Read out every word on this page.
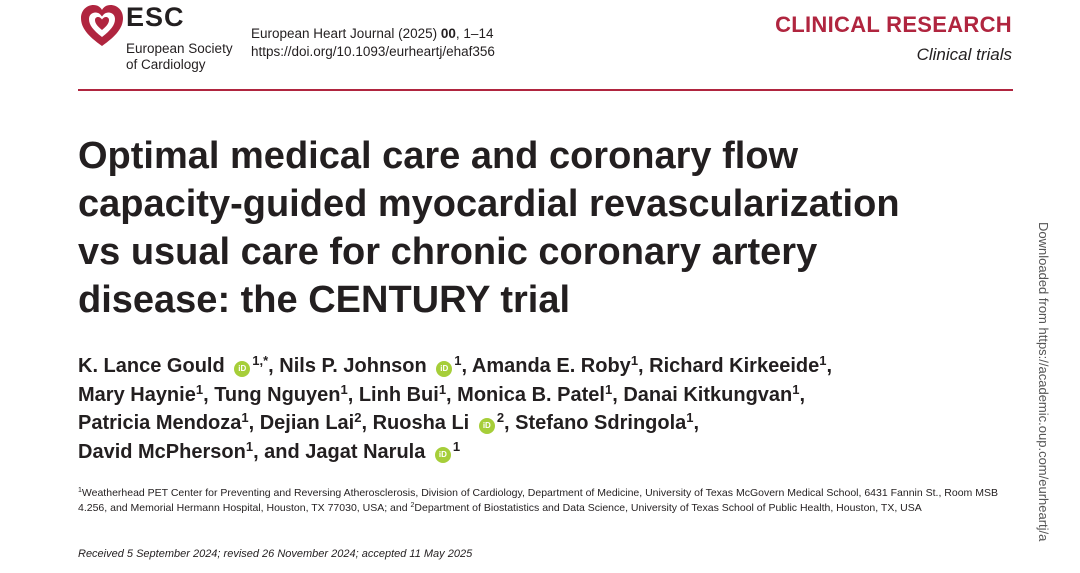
ESC
European Society
of Cardiology
European Heart Journal (2025) 00, 1–14
https://doi.org/10.1093/eurheartj/ehaf356
CLINICAL RESEARCH
Clinical trials
Optimal medical care and coronary flow
capacity-guided myocardial revascularization
vs usual care for chronic coronary artery
disease: the CENTURY trial
K. Lance Gould $iD^{1,*}$, Nils P. Johnson $iD^1$, Amanda E. Roby$^1$, Richard Kirkeeide$^1$,
Mary Haynie$^1$, Tung Nguyen$^1$, Linh Bui$^1$, Monica B. Patel$^1$, Danai Kitkungvan$^1$,
Patricia Mendoza$^1$, Dejian Lai$^2$, Ruosha Li $iD^2$, Stefano Sdringola$^1$,
David McPherson$^1$, and Jagat Narula $iD^1$
$^1$Weatherhead PET Center for Preventing and Reversing Atherosclerosis, Division of Cardiology, Department of Medicine, University of Texas McGovern Medical School, 6431 Fannin St., Room MSB 4.256, and Memorial Hermann Hospital, Houston, TX 77030, USA; and $^2$Department of Biostatistics and Data Science, University of Texas School of Public Health, Houston, TX, USA
Received 5 September 2024; revised 26 November 2024; accepted 11 May 2025
Downloaded from https://academic.oup.com/eurheartj/a
